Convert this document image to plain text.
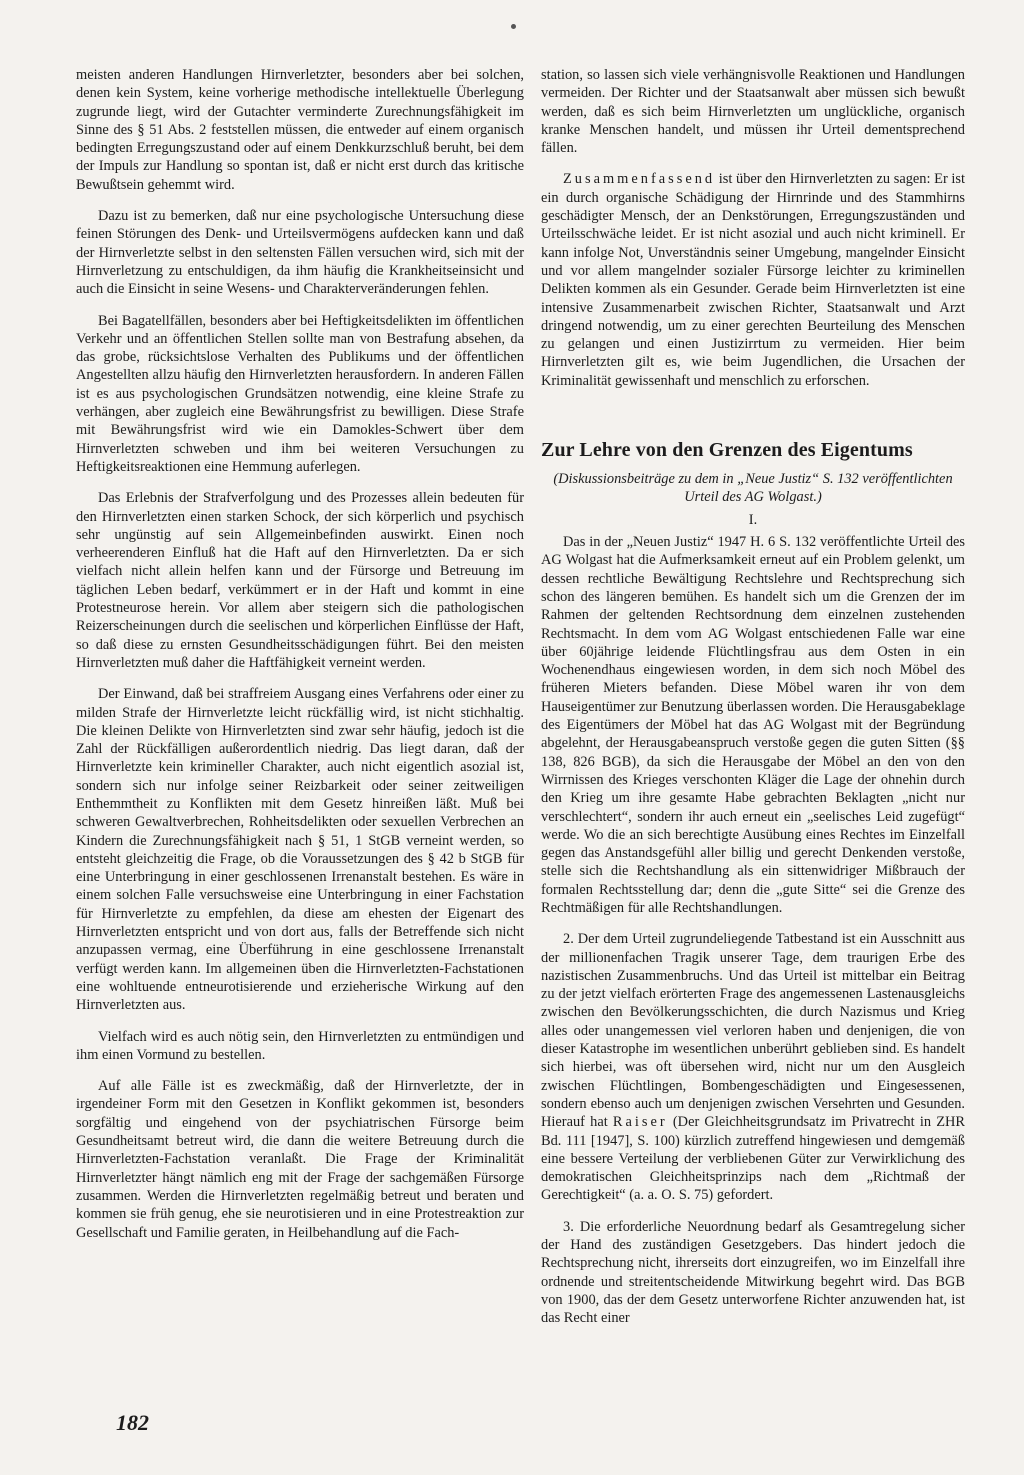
meisten anderen Handlungen Hirnverletzter, besonders aber bei solchen, denen kein System, keine vorherige methodische intellektuelle Überlegung zugrunde liegt, wird der Gutachter verminderte Zurechnungsfähigkeit im Sinne des § 51 Abs. 2 feststellen müssen, die entweder auf einem organisch bedingten Erregungszustand oder auf einem Denkkurzschluß beruht, bei dem der Impuls zur Handlung so spontan ist, daß er nicht erst durch das kritische Bewußtsein gehemmt wird.

Dazu ist zu bemerken, daß nur eine psychologische Untersuchung diese feinen Störungen des Denk- und Urteilsvermögens aufdecken kann und daß der Hirnverletzte selbst in den seltensten Fällen versuchen wird, sich mit der Hirnverletzung zu entschuldigen, da ihm häufig die Krankheitseinsicht und auch die Einsicht in seine Wesens- und Charakterveränderungen fehlen.

Bei Bagatellfällen, besonders aber bei Heftigkeitsdelikten im öffentlichen Verkehr und an öffentlichen Stellen sollte man von Bestrafung absehen, da das grobe, rücksichtslose Verhalten des Publikums und der öffentlichen Angestellten allzu häufig den Hirnverletzten herausfordern. In anderen Fällen ist es aus psychologischen Grundsätzen notwendig, eine kleine Strafe zu verhängen, aber zugleich eine Bewährungsfrist zu bewilligen. Diese Strafe mit Bewährungsfrist wird wie ein Damokles-Schwert über dem Hirnverletzten schweben und ihm bei weiteren Versuchungen zu Heftigkeitsreaktionen eine Hemmung auferlegen.

Das Erlebnis der Strafverfolgung und des Prozesses allein bedeuten für den Hirnverletzten einen starken Schock, der sich körperlich und psychisch sehr ungünstig auf sein Allgemeinbefinden auswirkt. Einen noch verheerenderen Einfluß hat die Haft auf den Hirnverletzten. Da er sich vielfach nicht allein helfen kann und der Fürsorge und Betreuung im täglichen Leben bedarf, verkümmert er in der Haft und kommt in eine Protestneurose herein. Vor allem aber steigern sich die pathologischen Reizerscheinungen durch die seelischen und körperlichen Einflüsse der Haft, so daß diese zu ernsten Gesundheitsschädigungen führt. Bei den meisten Hirnverletzten muß daher die Haftfähigkeit verneint werden.

Der Einwand, daß bei straffreiem Ausgang eines Verfahrens oder einer zu milden Strafe der Hirnverletzte leicht rückfällig wird, ist nicht stichhaltig. Die kleinen Delikte von Hirnverletzten sind zwar sehr häufig, jedoch ist die Zahl der Rückfälligen außerordentlich niedrig. Das liegt daran, daß der Hirnverletzte kein krimineller Charakter, auch nicht eigentlich asozial ist, sondern sich nur infolge seiner Reizbarkeit oder seiner zeitweiligen Enthemmtheit zu Konflikten mit dem Gesetz hinreißen läßt. Muß bei schweren Gewaltverbrechen, Rohheitsdelikten oder sexuellen Verbrechen an Kindern die Zurechnungsfähigkeit nach § 51, 1 StGB verneint werden, so entsteht gleichzeitig die Frage, ob die Voraussetzungen des § 42 b StGB für eine Unterbringung in einer geschlossenen Irrenanstalt bestehen. Es wäre in einem solchen Falle versuchsweise eine Unterbringung in einer Fachstation für Hirnverletzte zu empfehlen, da diese am ehesten der Eigenart des Hirnverletzten entspricht und von dort aus, falls der Betreffende sich nicht anzupassen vermag, eine Überführung in eine geschlossene Irrenanstalt verfügt werden kann. Im allgemeinen üben die Hirnverletzten-Fachstationen eine wohltuende entneurotisierende und erzieherische Wirkung auf den Hirnverletzten aus.

Vielfach wird es auch nötig sein, den Hirnverletzten zu entmündigen und ihm einen Vormund zu bestellen.

Auf alle Fälle ist es zweckmäßig, daß der Hirnverletzte, der in irgendeiner Form mit den Gesetzen in Konflikt gekommen ist, besonders sorgfältig und eingehend von der psychiatrischen Fürsorge beim Gesundheitsamt betreut wird, die dann die weitere Betreuung durch die Hirnverletzten-Fachstation veranlaßt. Die Frage der Kriminalität Hirnverletzter hängt nämlich eng mit der Frage der sachgemäßen Fürsorge zusammen. Werden die Hirnverletzten regelmäßig betreut und beraten und kommen sie früh genug, ehe sie neurotisieren und in eine Protestreaktion zur Gesellschaft und Familie geraten, in Heilbehandlung auf die Fach-

station, so lassen sich viele verhängnisvolle Reaktionen und Handlungen vermeiden. Der Richter und der Staatsanwalt aber müssen sich bewußt werden, daß es sich beim Hirnverletzten um unglückliche, organisch kranke Menschen handelt, und müssen ihr Urteil dementsprechend fällen.

Zusammenfassend ist über den Hirnverletzten zu sagen: Er ist ein durch organische Schädigung der Hirnrinde und des Stammhirns geschädigter Mensch, der an Denkstörungen, Erregungszuständen und Urteilsschwäche leidet. Er ist nicht asozial und auch nicht kriminell. Er kann infolge Not, Unverständnis seiner Umgebung, mangelnder Einsicht und vor allem mangelnder sozialer Fürsorge leichter zu kriminellen Delikten kommen als ein Gesunder. Gerade beim Hirnverletzten ist eine intensive Zusammenarbeit zwischen Richter, Staatsanwalt und Arzt dringend notwendig, um zu einer gerechten Beurteilung des Menschen zu gelangen und einen Justizirrtum zu vermeiden. Hier beim Hirnverletzten gilt es, wie beim Jugendlichen, die Ursachen der Kriminalität gewissenhaft und menschlich zu erforschen.

Zur Lehre von den Grenzen des Eigentums
(Diskussionsbeiträge zu dem in „Neue Justiz“ S. 132 veröffentlichten Urteil des AG Wolgast.)
I.

Das in der „Neuen Justiz“ 1947 H. 6 S. 132 veröffentlichte Urteil des AG Wolgast hat die Aufmerksamkeit erneut auf ein Problem gelenkt, um dessen rechtliche Bewältigung Rechtslehre und Rechtsprechung sich schon des längeren bemühen. Es handelt sich um die Grenzen der im Rahmen der geltenden Rechtsordnung dem einzelnen zustehenden Rechtsmacht. In dem vom AG Wolgast entschiedenen Falle war eine über 60jährige leidende Flüchtlingsfrau aus dem Osten in ein Wochenendhaus eingewiesen worden, in dem sich noch Möbel des früheren Mieters befanden. Diese Möbel waren ihr von dem Hauseigentümer zur Benutzung überlassen worden. Die Herausgabeklage des Eigentümers der Möbel hat das AG Wolgast mit der Begründung abgelehnt, der Herausgabeanspruch verstoße gegen die guten Sitten (§§ 138, 826 BGB), da sich die Herausgabe der Möbel an den von den Wirrnissen des Krieges verschonten Kläger die Lage der ohnehin durch den Krieg um ihre gesamte Habe gebrachten Beklagten „nicht nur verschlechtert“, sondern ihr auch erneut ein „seelisches Leid zugefügt“ werde. Wo die an sich berechtigte Ausübung eines Rechtes im Einzelfall gegen das Anstandsgefühl aller billig und gerecht Denkenden verstoße, stelle sich die Rechtshandlung als ein sittenwidriger Mißbrauch der formalen Rechtsstellung dar; denn die „gute Sitte“ sei die Grenze des Rechtmäßigen für alle Rechtshandlungen.

2. Der dem Urteil zugrundeliegende Tatbestand ist ein Ausschnitt aus der millionenfachen Tragik unserer Tage, dem traurigen Erbe des nazistischen Zusammenbruchs. Und das Urteil ist mittelbar ein Beitrag zu der jetzt vielfach erörterten Frage des angemessenen Lastenausgleichs zwischen den Bevölkerungsschichten, die durch Nazismus und Krieg alles oder unangemessen viel verloren haben und denjenigen, die von dieser Katastrophe im wesentlichen unberührt geblieben sind. Es handelt sich hierbei, was oft übersehen wird, nicht nur um den Ausgleich zwischen Flüchtlingen, Bombengeschädigten und Eingesessenen, sondern ebenso auch um denjenigen zwischen Versehrten und Gesunden. Hierauf hat Raiser (Der Gleichheitsgrundsatz im Privatrecht in ZHR Bd. 111 [1947], S. 100) kürzlich zutreffend hingewiesen und demgemäß eine bessere Verteilung der verbliebenen Güter zur Verwirklichung des demokratischen Gleichheitsprinzips nach dem „Richtmaß der Gerechtigkeit“ (a. a. O. S. 75) gefordert.

3. Die erforderliche Neuordnung bedarf als Gesamtregelung sicher der Hand des zuständigen Gesetzgebers. Das hindert jedoch die Rechtsprechung nicht, ihrerseits dort einzugreifen, wo im Einzelfall ihre ordnende und streitentscheidende Mitwirkung begehrt wird. Das BGB von 1900, das der dem Gesetz unterworfene Richter anzuwenden hat, ist das Recht einer

182
